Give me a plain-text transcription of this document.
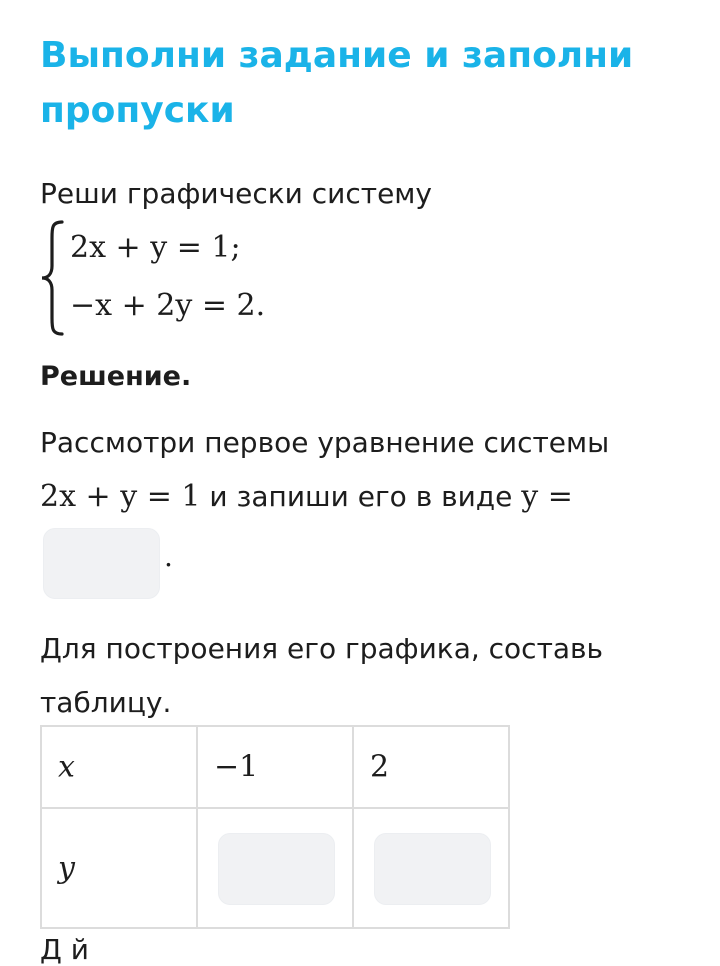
Выполни задание и заполни пропуски
Реши графически систему
2x + y = 1;
−x + 2y = 2.
Решение.
Рассмотри первое уравнение системы
2x + y = 1 и запиши его в виде y =
.
Для построения его графика, составь таблицу.
x	−1	2

y		

Д й
